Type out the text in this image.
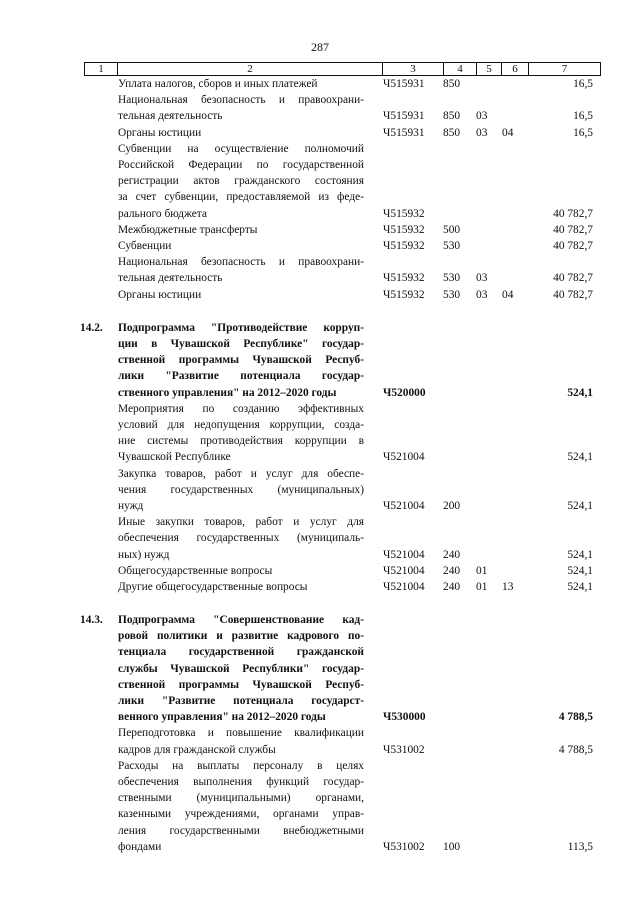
287
1	2	3	4	5	6	7
Уплата налогов, сборов и иных платежей	Ч515931 850	16,5
Национальная безопасность и правоохрани-
тельная деятельность	Ч515931 850 03	16,5
Органы юстиции	Ч515931 850 03 04	16,5
Субвенции на осуществление полномочий
Российской Федерации по государственной
регистрации актов гражданского состояния
за счет субвенции, предоставляемой из феде-
рального бюджета	Ч515932	40 782,7
Межбюджетные трансферты	Ч515932 500	40 782,7
Субвенции	Ч515932 530	40 782,7
Национальная безопасность и правоохрани-
тельная деятельность	Ч515932 530 03	40 782,7
Органы юстиции	Ч515932 530 03 04	40 782,7
14.2.	Подпрограмма "Противодействие корруп-
ции в Чувашской Республике" государ-
ственной программы Чувашской Респуб-
лики "Развитие потенциала государ-
ственного управления" на 2012–2020 годы	Ч520000	524,1
Мероприятия по созданию эффективных
условий для недопущения коррупции, созда-
ние системы противодействия коррупции в
Чувашской Республике	Ч521004	524,1
Закупка товаров, работ и услуг для обеспе-
чения государственных (муниципальных)
нужд	Ч521004 200	524,1
Иные закупки товаров, работ и услуг для
обеспечения государственных (муниципаль-
ных) нужд	Ч521004 240	524,1
Общегосударственные вопросы	Ч521004 240 01	524,1
Другие общегосударственные вопросы	Ч521004 240 01 13	524,1
14.3.	Подпрограмма "Совершенствование кад-
ровой политики и развитие кадрового по-
тенциала государственной гражданской
службы Чувашской Республики" государ-
ственной программы Чувашской Респуб-
лики "Развитие потенциала государст-
венного управления" на 2012–2020 годы	Ч530000	4 788,5
Переподготовка и повышение квалификации
кадров для гражданской службы	Ч531002	4 788,5
Расходы на выплаты персоналу в целях
обеспечения выполнения функций государ-
ственными (муниципальными) органами,
казенными учреждениями, органами управ-
ления государственными внебюджетными
фондами	Ч531002 100	113,5
